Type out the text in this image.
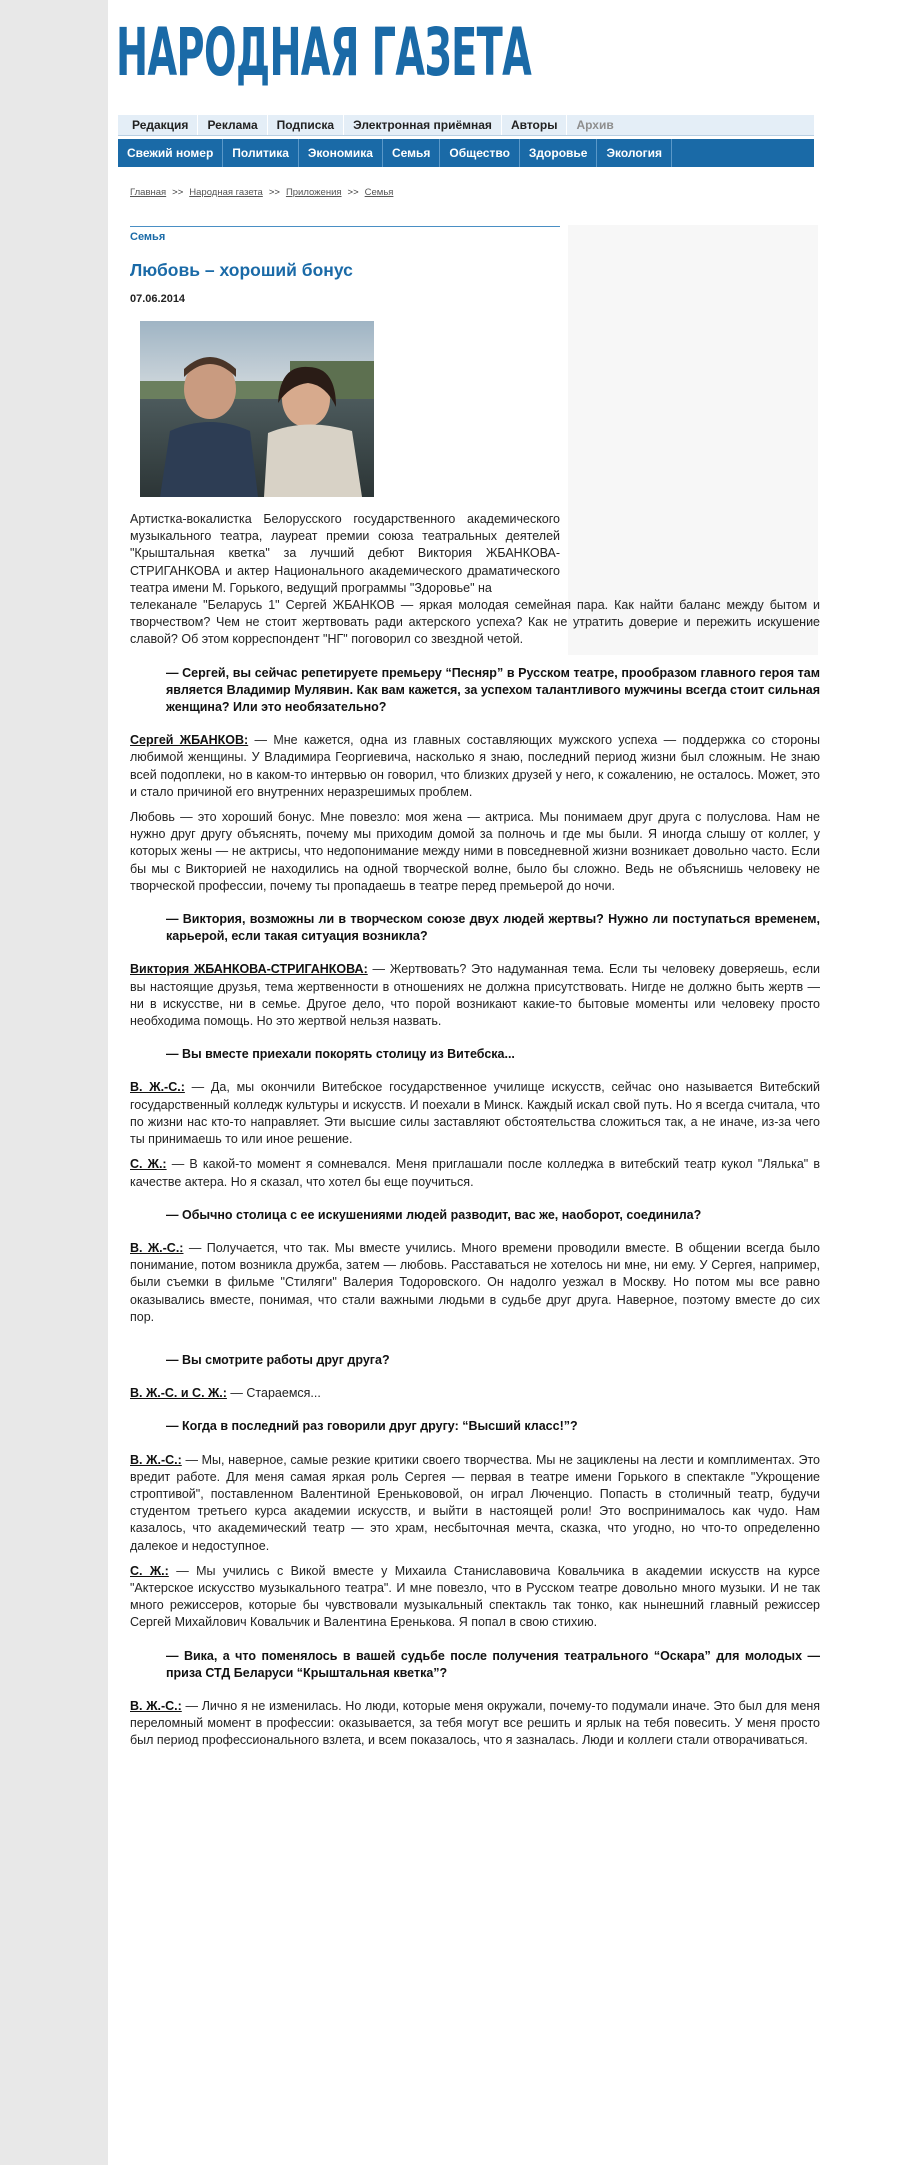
НАРОДНАЯ ГАЗЕТА
Редакция	Реклама	Подписка	Электронная приёмная	Авторы	Архив
Свежий номер	Политика	Экономика	Семья	Общество	Здоровье	Экология
Главная >> Народная газета >> Приложения >> Семья
Семья
Любовь – хороший бонус
07.06.2014

Артистка-вокалистка Белорусского государственного академического музыкального театра, лауреат премии союза театральных деятелей "Крыштальная кветка" за лучший дебют Виктория ЖБАНКОВА-СТРИГАНКОВА и актер Национального академического драматического театра имени М. Горького, ведущий программы "Здоровье" на

телеканале "Беларусь 1" Сергей ЖБАНКОВ — яркая молодая семейная пара. Как найти баланс между бытом и творчеством? Чем не стоит жертвовать ради актерского успеха? Как не утратить доверие и пережить искушение славой? Об этом корреспондент "НГ" поговорил со звездной четой.

— Сергей, вы сейчас репетируете премьеру “Песняр” в Русском театре, прообразом главного героя там является Владимир Мулявин. Как вам кажется, за успехом талантливого мужчины всегда стоит сильная женщина? Или это необязательно?

Сергей ЖБАНКОВ: — Мне кажется, одна из главных составляющих мужского успеха — поддержка со стороны любимой женщины. У Владимира Георгиевича, насколько я знаю, последний период жизни был сложным. Не знаю всей подоплеки, но в каком-то интервью он говорил, что близких друзей у него, к сожалению, не осталось. Может, это и стало причиной его внутренних неразрешимых проблем.

Любовь — это хороший бонус. Мне повезло: моя жена — актриса. Мы понимаем друг друга с полуслова. Нам не нужно друг другу объяснять, почему мы приходим домой за полночь и где мы были. Я иногда слышу от коллег, у которых жены — не актрисы, что недопонимание между ними в повседневной жизни возникает довольно часто. Если бы мы с Викторией не находились на одной творческой волне, было бы сложно. Ведь не объяснишь человеку не творческой профессии, почему ты пропадаешь в театре перед премьерой до ночи.

— Виктория, возможны ли в творческом союзе двух людей жертвы? Нужно ли поступаться временем, карьерой, если такая ситуация возникла?

Виктория ЖБАНКОВА-СТРИГАНКОВА: — Жертвовать? Это надуманная тема. Если ты человеку доверяешь, если вы настоящие друзья, тема жертвенности в отношениях не должна присутствовать. Нигде не должно быть жертв — ни в искусстве, ни в семье. Другое дело, что порой возникают какие-то бытовые моменты или человеку просто необходима помощь. Но это жертвой нельзя назвать.

— Вы вместе приехали покорять столицу из Витебска...

В. Ж.-С.: — Да, мы окончили Витебское государственное училище искусств, сейчас оно называется Витебский государственный колледж культуры и искусств. И поехали в Минск. Каждый искал свой путь. Но я всегда считала, что по жизни нас кто-то направляет. Эти высшие силы заставляют обстоятельства сложиться так, а не иначе, из-за чего ты принимаешь то или иное решение.

С. Ж.: — В какой-то момент я сомневался. Меня приглашали после колледжа в витебский театр кукол "Лялька" в качестве актера. Но я сказал, что хотел бы еще поучиться.

— Обычно столица с ее искушениями людей разводит, вас же, наоборот, соединила?

В. Ж.-С.: — Получается, что так. Мы вместе учились. Много времени проводили вместе. В общении всегда было понимание, потом возникла дружба, затем — любовь. Расставаться не хотелось ни мне, ни ему. У Сергея, например, были съемки в фильме "Стиляги" Валерия Тодоровского. Он надолго уезжал в Москву. Но потом мы все равно оказывались вместе, понимая, что стали важными людьми в судьбе друг друга. Наверное, поэтому вместе до сих пор.

— Вы смотрите работы друг друга?

В. Ж.-С. и С. Ж.: — Стараемся...

— Когда в последний раз говорили друг другу: “Высший класс!”?

В. Ж.-С.: — Мы, наверное, самые резкие критики своего творчества. Мы не зациклены на лести и комплиментах. Это вредит работе. Для меня самая яркая роль Сергея — первая в театре имени Горького в спектакле "Укрощение строптивой", поставленном Валентиной Еренькововой, он играл Люченцио. Попасть в столичный театр, будучи студентом третьего курса академии искусств, и выйти в настоящей роли! Это воспринималось как чудо. Нам казалось, что академический театр — это храм, несбыточная мечта, сказка, что угодно, но что-то определенно далекое и недоступное.

С. Ж.: — Мы учились с Викой вместе у Михаила Станиславовича Ковальчика в академии искусств на курсе "Актерское искусство музыкального театра". И мне повезло, что в Русском театре довольно много музыки. И не так много режиссеров, которые бы чувствовали музыкальный спектакль так тонко, как нынешний главный режиссер Сергей Михайлович Ковальчик и Валентина Еренькова. Я попал в свою стихию.

— Вика, а что поменялось в вашей судьбе после получения театрального “Оскара” для молодых — приза СТД Беларуси “Крыштальная кветка”?

В. Ж.-С.: — Лично я не изменилась. Но люди, которые меня окружали, почему-то подумали иначе. Это был для меня переломный момент в профессии: оказывается, за тебя могут все решить и ярлык на тебя повесить. У меня просто был период профессионального взлета, и всем показалось, что я зазналась. Люди и коллеги стали отворачиваться.
